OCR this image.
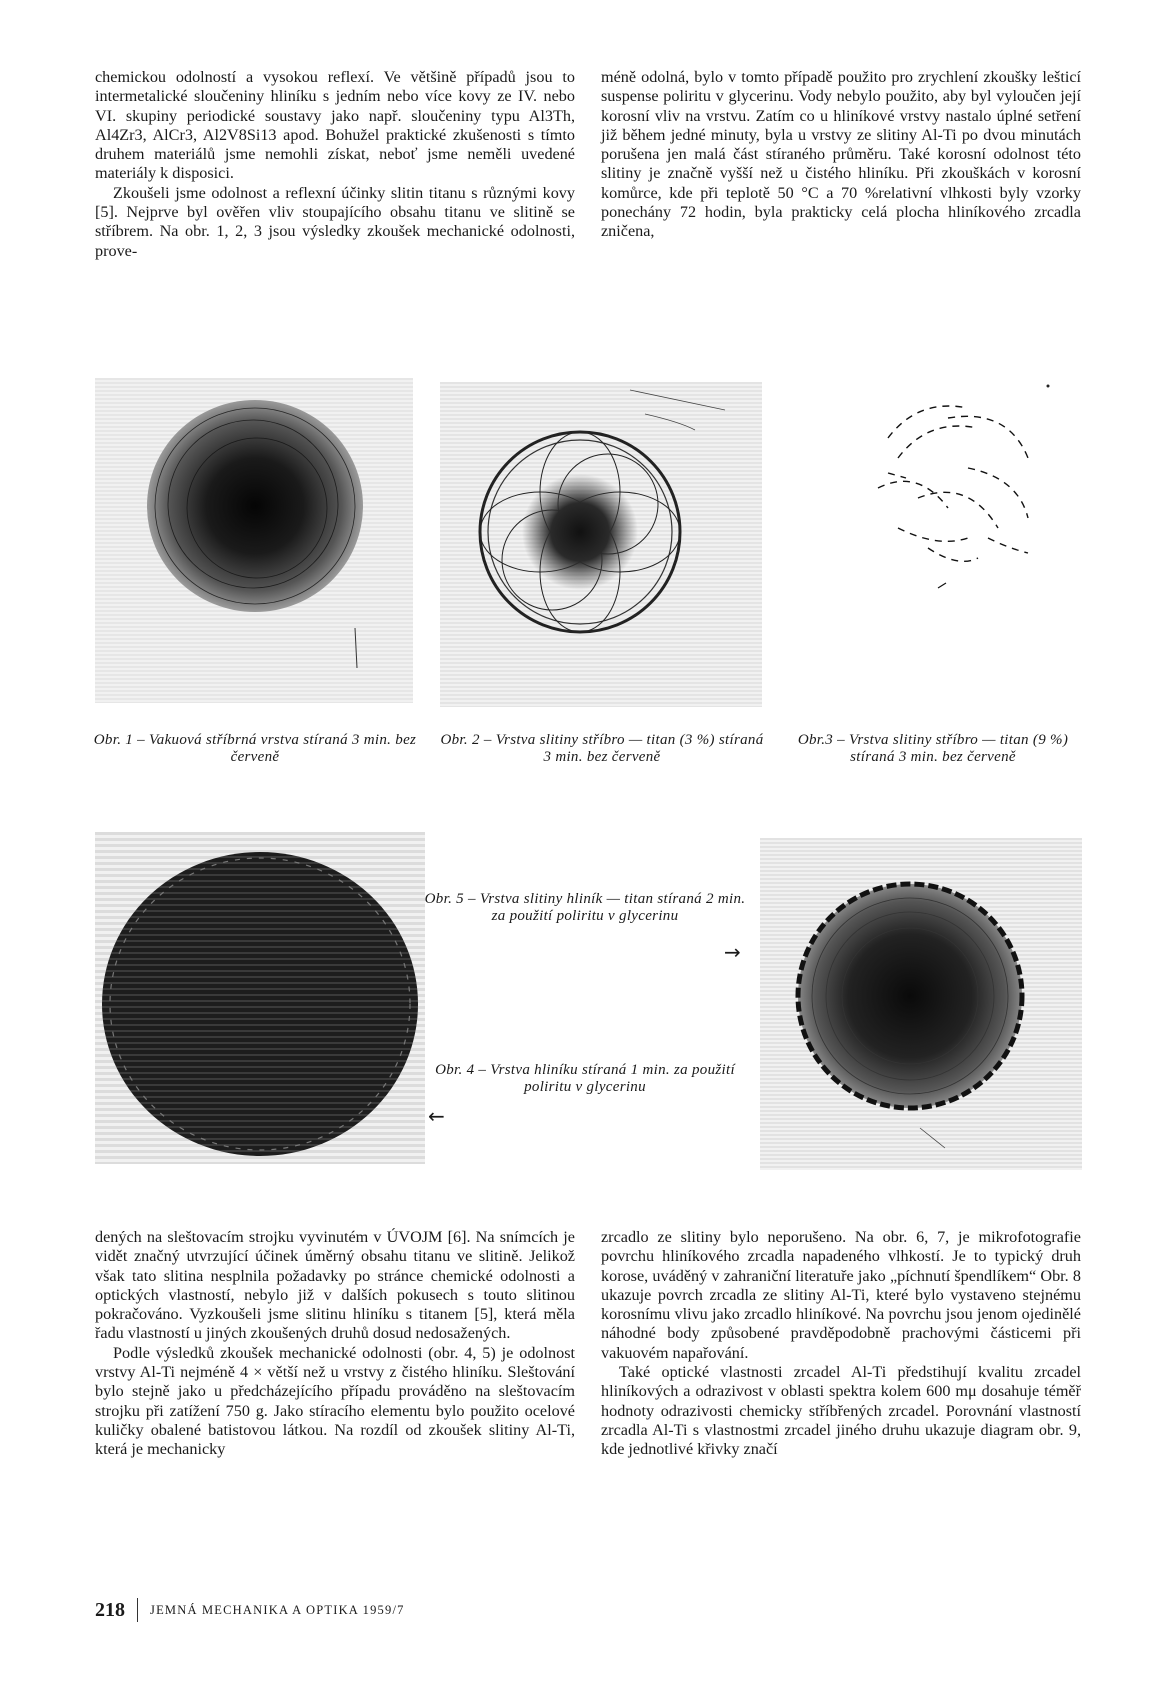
chemickou odolností a vysokou reflexí. Ve většině případů jsou to intermetalické sloučeniny hliníku s jedním nebo více kovy ze IV. nebo VI. skupiny periodické soustavy jako např. sloučeniny typu Al3Th, Al4Zr3, AlCr3, Al2V8Si13 apod. Bohužel praktické zkušenosti s tímto druhem materiálů jsme nemohli získat, neboť jsme neměli uvedené materiály k disposici.

Zkoušeli jsme odolnost a reflexní účinky slitin titanu s různými kovy [5]. Nejprve byl ověřen vliv stoupajícího obsahu titanu ve slitině se stříbrem. Na obr. 1, 2, 3 jsou výsledky zkoušek mechanické odolnosti, prove-

méně odolná, bylo v tomto případě použito pro zrychlení zkoušky lešticí suspense poliritu v glycerinu. Vody nebylo použito, aby byl vyloučen její korosní vliv na vrstvu. Zatím co u hliníkové vrstvy nastalo úplné setření již během jedné minuty, byla u vrstvy ze slitiny Al-Ti po dvou minutách porušena jen malá část stíraného průměru. Také korosní odolnost této slitiny je značně vyšší než u čistého hliníku. Při zkouškách v korosní komůrce, kde při teplotě 50 °C a 70 %relativní vlhkosti byly vzorky ponechány 72 hodin, byla prakticky celá plocha hliníkového zrcadla zničena,

Obr. 1 – Vakuová stříbrná vrstva stíraná 3 min. bez červeně
Obr. 2 – Vrstva slitiny stříbro — titan (3 %) stíraná 3 min. bez červeně
Obr.3 – Vrstva slitiny stříbro — titan (9 %) stíraná 3 min. bez červeně
Obr. 5 – Vrstva slitiny hliník — titan stíraná 2 min. za použití poliritu v glycerinu
→
Obr. 4 – Vrstva hliníku stíraná 1 min. za použití poliritu v glycerinu
←

dených na sleštovacím strojku vyvinutém v ÚVOJM [6]. Na snímcích je vidět značný utvrzující účinek úměrný obsahu titanu ve slitině. Jelikož však tato slitina nesplnila požadavky po stránce chemické odolnosti a optických vlastností, nebylo již v dalších pokusech s touto slitinou pokračováno. Vyzkoušeli jsme slitinu hliníku s titanem [5], která měla řadu vlastností u jiných zkoušených druhů dosud nedosažených.

Podle výsledků zkoušek mechanické odolnosti (obr. 4, 5) je odolnost vrstvy Al-Ti nejméně 4 × větší než u vrstvy z čistého hliníku. Sleštování bylo stejně jako u předcházejícího případu prováděno na sleštovacím strojku při zatížení 750 g. Jako stíracího elementu bylo použito ocelové kuličky obalené batistovou látkou. Na rozdíl od zkoušek slitiny Al-Ti, která je mechanicky

zrcadlo ze slitiny bylo neporušeno. Na obr. 6, 7, je mikrofotografie povrchu hliníkového zrcadla napadeného vlhkostí. Je to typický druh korose, uváděný v zahraniční literatuře jako „píchnutí špendlíkem“ Obr. 8 ukazuje povrch zrcadla ze slitiny Al-Ti, které bylo vystaveno stejnému korosnímu vlivu jako zrcadlo hliníkové. Na povrchu jsou jenom ojedinělé náhodné body způsobené pravděpodobně prachovými částicemi při vakuovém napařování.

Také optické vlastnosti zrcadel Al-Ti předstihují kvalitu zrcadel hliníkových a odrazivost v oblasti spektra kolem 600 mμ dosahuje téměř hodnoty odrazivosti chemicky stříbřených zrcadel. Porovnání vlastností zrcadla Al-Ti s vlastnostmi zrcadel jiného druhu ukazuje diagram obr. 9, kde jednotlivé křivky značí

218 JEMNÁ MECHANIKA A OPTIKA 1959/7
